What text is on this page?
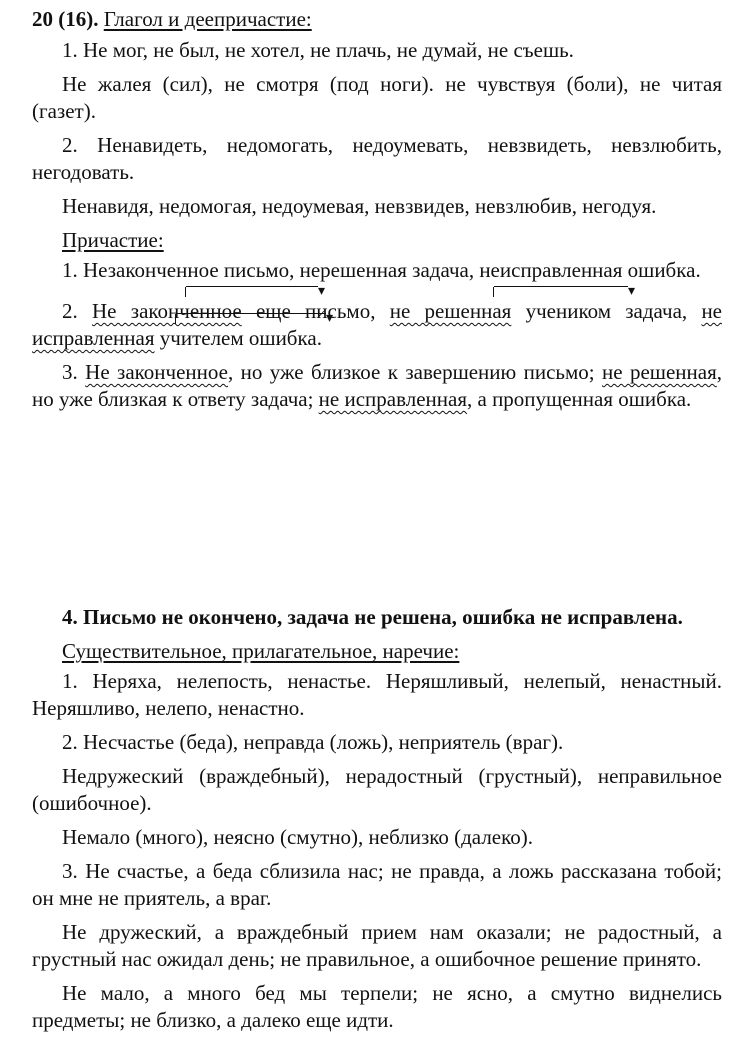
20 (16). Глагол и деепричастие:

1. Не мог, не был, не хотел, не плачь, не думай, не съешь.

Не жалея (сил), не смотря (под ноги). не чувствуя (боли), не читая (газет).

2. Ненавидеть, недомогать, недоумевать, невзвидеть, невзлюбить, негодовать.

Ненавидя, недомогая, недоумевая, невзвидев, невзлюбив, негодуя.

Причастие:

1. Незаконченное письмо, нерешенная задача, неисправленная ошибка.

▾
▾
▾
2. Не законченное еще письмо, не решенная учеником задача, не исправленная учителем ошибка.

3. Не законченное, но уже близкое к завершению письмо; не решенная, но уже близкая к ответу задача; не исправленная, а пропущенная ошибка.

4. Письмо не окончено, задача не решена, ошибка не исправлена.

Существительное, прилагательное, наречие:

1. Неряха, нелепость, ненастье. Неряшливый, нелепый, ненастный. Неряшливо, нелепо, ненастно.

2. Несчастье (беда), неправда (ложь), неприятель (враг).

Недружеский (враждебный), нерадостный (грустный), неправильное (ошибочное).

Немало (много), неясно (смутно), неблизко (далеко).

3. Не счастье, а беда сблизила нас; не правда, а ложь рассказана тобой; он мне не приятель, а враг.

Не дружеский, а враждебный прием нам оказали; не радостный, а грустный нас ожидал день; не правильное, а ошибочное решение принято.

Не мало, а много бед мы терпели; не ясно, а смутно виднелись предметы; не близко, а далеко еще идти.
